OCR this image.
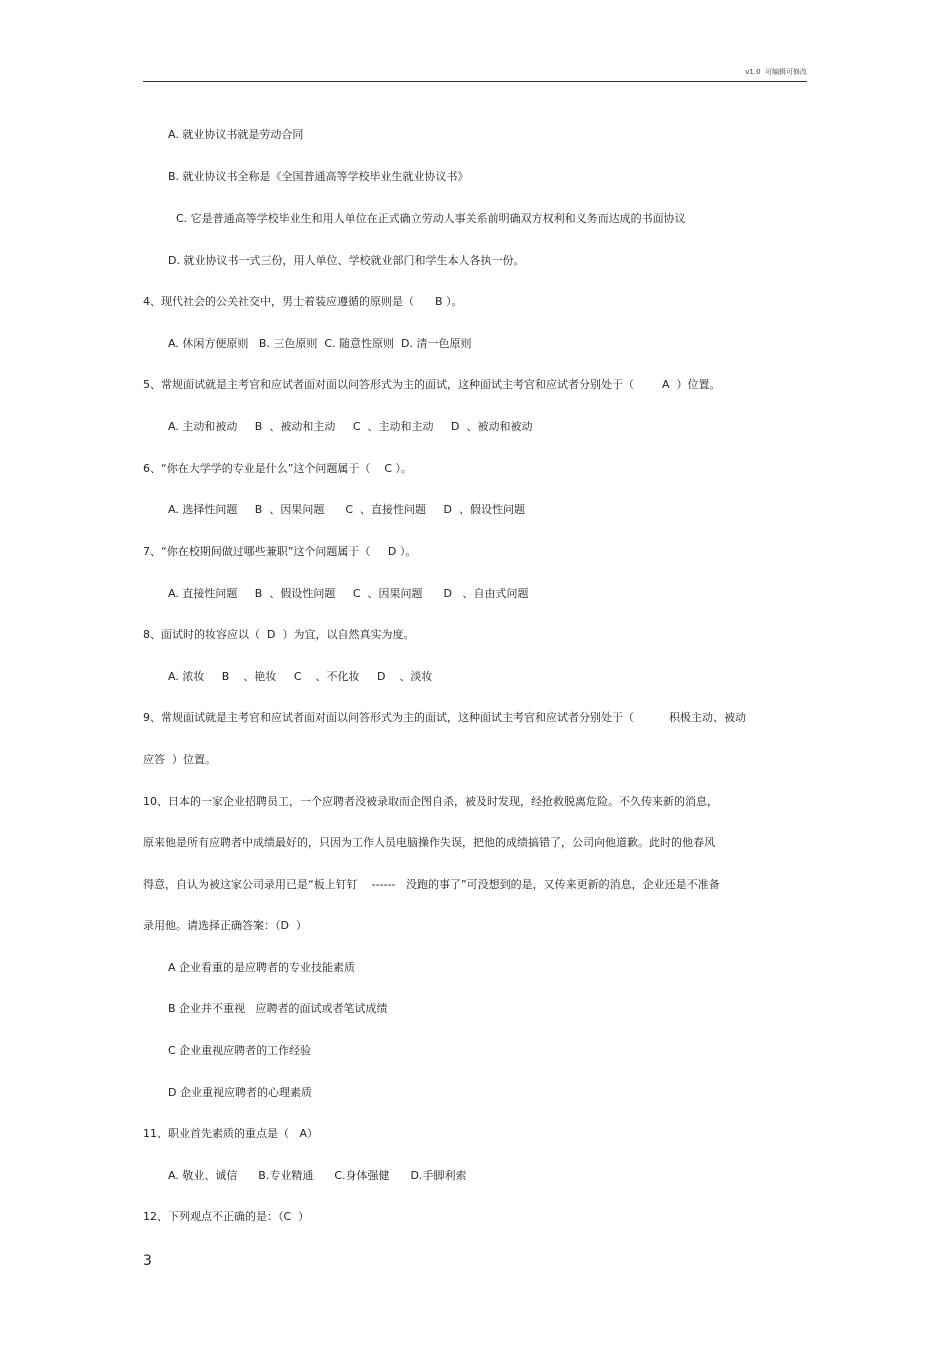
v1.0  可编辑可修改
A. 就业协议书就是劳动合同
B. 就业协议书全称是《全国普通高等学校毕业生就业协议书》
C. 它是普通高等学校毕业生和用人单位在正式确立劳动人事关系前明确双方权利和义务而达成的书面协议
D. 就业协议书一式三份，用人单位、学校就业部门和学生本人各执一份。
4、现代社会的公关社交中，男士着装应遵循的原则是（      B ）。
A. 休闲方便原则   B. 三色原则  C. 随意性原则  D. 清一色原则
5、常规面试就是主考官和应试者面对面以问答形式为主的面试，这种面试主考官和应试者分别处于（        A  ）位置。
A. 主动和被动     B  、被动和主动     C  、主动和主动     D  、被动和被动
6、“你在大学学的专业是什么”这个问题属于（    C ）。
A. 选择性问题     B  、因果问题      C  、直接性问题     D  、假设性问题
7、“你在校期间做过哪些兼职”这个问题属于（     D ）。
A. 直接性问题     B  、假设性问题     C  、因果问题      D   、自由式问题
8、面试时的妆容应以（  D  ）为宜，以自然真实为度。
A. 浓妆     B    、艳妆     C    、不化妆     D    、淡妆
9、常规面试就是主考官和应试者面对面以问答形式为主的面试，这种面试主考官和应试者分别处于（          积极主动、被动
应答  ）位置。
10、日本的一家企业招聘员工，一个应聘者没被录取而企图自杀，被及时发现，经抢救脱离危险。不久传来新的消息，
原来他是所有应聘者中成绩最好的，只因为工作人员电脑操作失误，把他的成绩搞错了，公司向他道歉。此时的他春风
得意，自认为被这家公司录用已是“板上钉钉    ------   没跑的事了”可没想到的是，又传来更新的消息，企业还是不准备
录用他。请选择正确答案：（D  ）
A 企业看重的是应聘者的专业技能素质
B 企业并不重视   应聘者的面试或者笔试成绩
C 企业重视应聘者的工作经验
D 企业重视应聘者的心理素质
11、职业首先素质的重点是（   A）
A. 敬业、诚信      B.专业精通      C.身体强健      D.手脚利索
12、下列观点不正确的是：（C  ）
3
